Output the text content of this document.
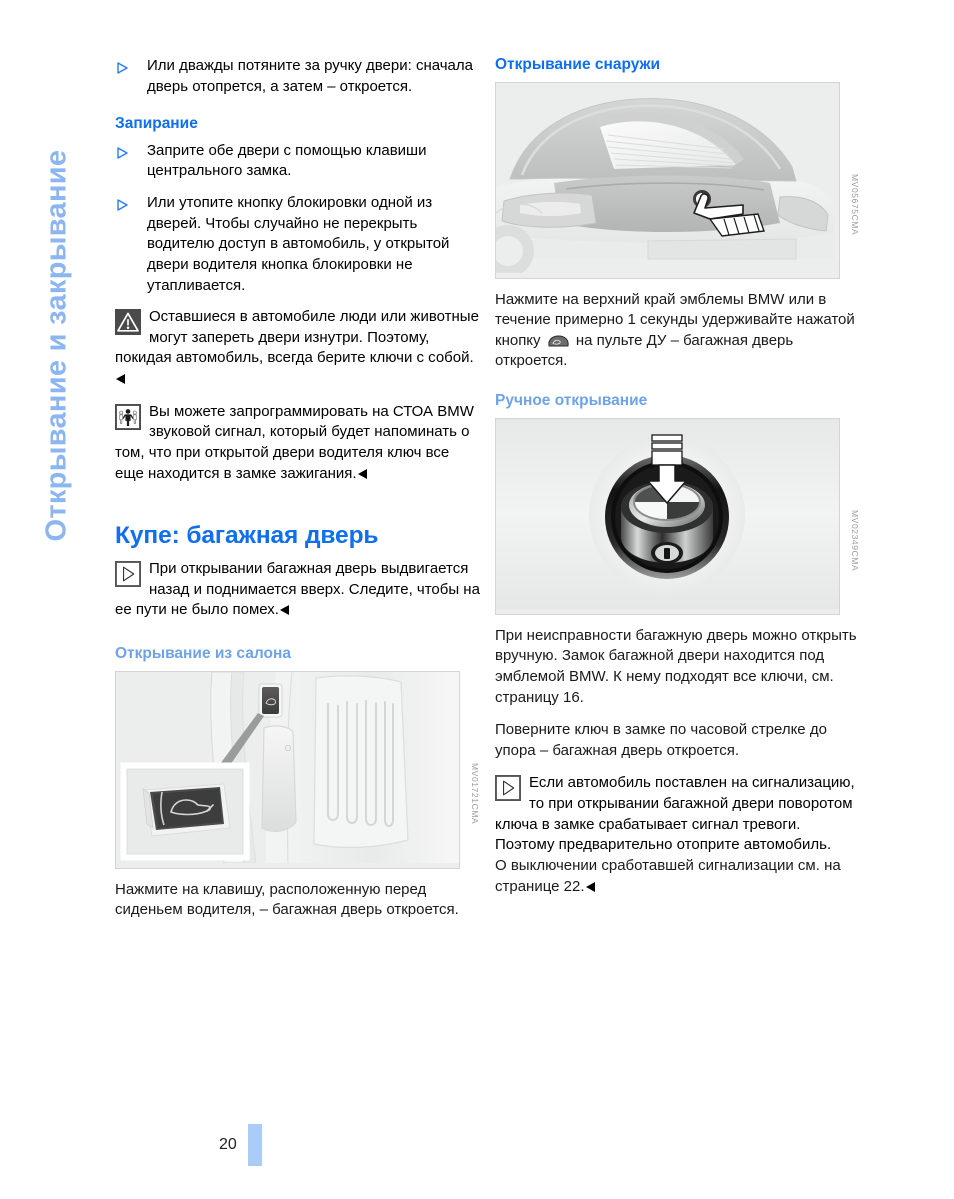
Открывание и закрывание
Или дважды потяните за ручку двери: сначала дверь отопрется, а затем – откроется.
Запирание
Заприте обе двери с помощью клавиши центрального замка.
Или утопите кнопку блокировки одной из дверей. Чтобы случайно не перекрыть водителю доступ в автомобиль, у открытой двери водителя кнопка блокировки не утапливается.
Оставшиеся в автомобиле люди или животные могут запереть двери изнутри. Поэтому, покидая автомобиль, всегда берите ключи с собой.
Вы можете запрограммировать на СТОА BMW звуковой сигнал, который будет напоминать о том, что при открытой двери водителя ключ все еще находится в замке зажигания.
Купе: багажная дверь
При открывании багажная дверь выдвигается назад и поднимается вверх. Следите, чтобы на ее пути не было помех.
Открывание из салона
MV01721CMA

Нажмите на клавишу, расположенную перед сиденьем водителя, – багажная дверь откроется.

Открывание снаружи
MV05675CMA

Нажмите на верхний край эмблемы BMW или в течение примерно 1 секунды удерживайте нажатой кнопку на пульте ДУ – багажная дверь откроется.

Ручное открывание
MV02349CMA

При неисправности багажную дверь можно открыть вручную. Замок багажной двери находится под эмблемой BMW. К нему подходят все ключи, см. страницу 16.

Поверните ключ в замке по часовой стрелке до упора – багажная дверь откроется.

Если автомобиль поставлен на сигнализацию, то при открывании багажной двери поворотом ключа в замке срабатывает сигнал тревоги. Поэтому предварительно отоприте автомобиль.

О выключении сработавшей сигнализации см. на странице 22.

20
